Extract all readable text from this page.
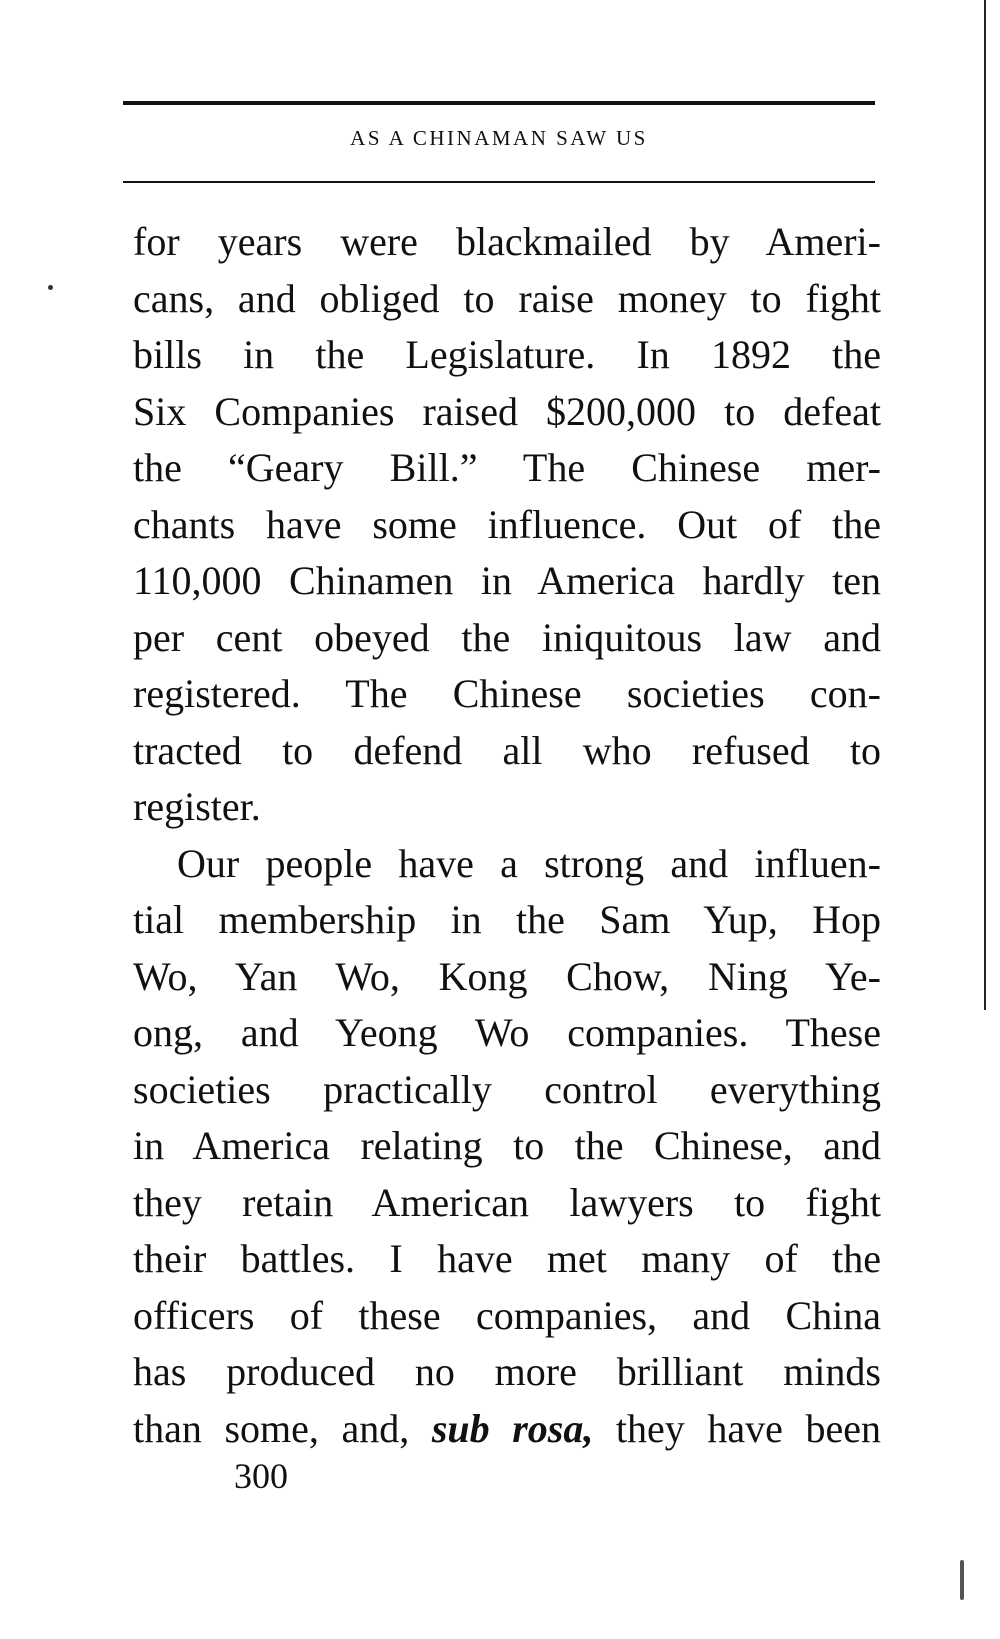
AS A CHINAMAN SAW US
for years were blackmailed by Ameri-
cans, and obliged to raise money to fight
bills in the Legislature. In 1892 the
Six Companies raised $200,000 to defeat
the “Geary Bill.” The Chinese mer-
chants have some influence. Out of the
110,000 Chinamen in America hardly ten
per cent obeyed the iniquitous law and
registered. The Chinese societies con-
tracted to defend all who refused to
register.
Our people have a strong and influen-
tial membership in the Sam Yup, Hop
Wo, Yan Wo, Kong Chow, Ning Ye-
ong, and Yeong Wo companies. These
societies practically control everything
in America relating to the Chinese, and
they retain American lawyers to fight
their battles. I have met many of the
officers of these companies, and China
has produced no more brilliant minds
than some, and, sub rosa, they have been
300
